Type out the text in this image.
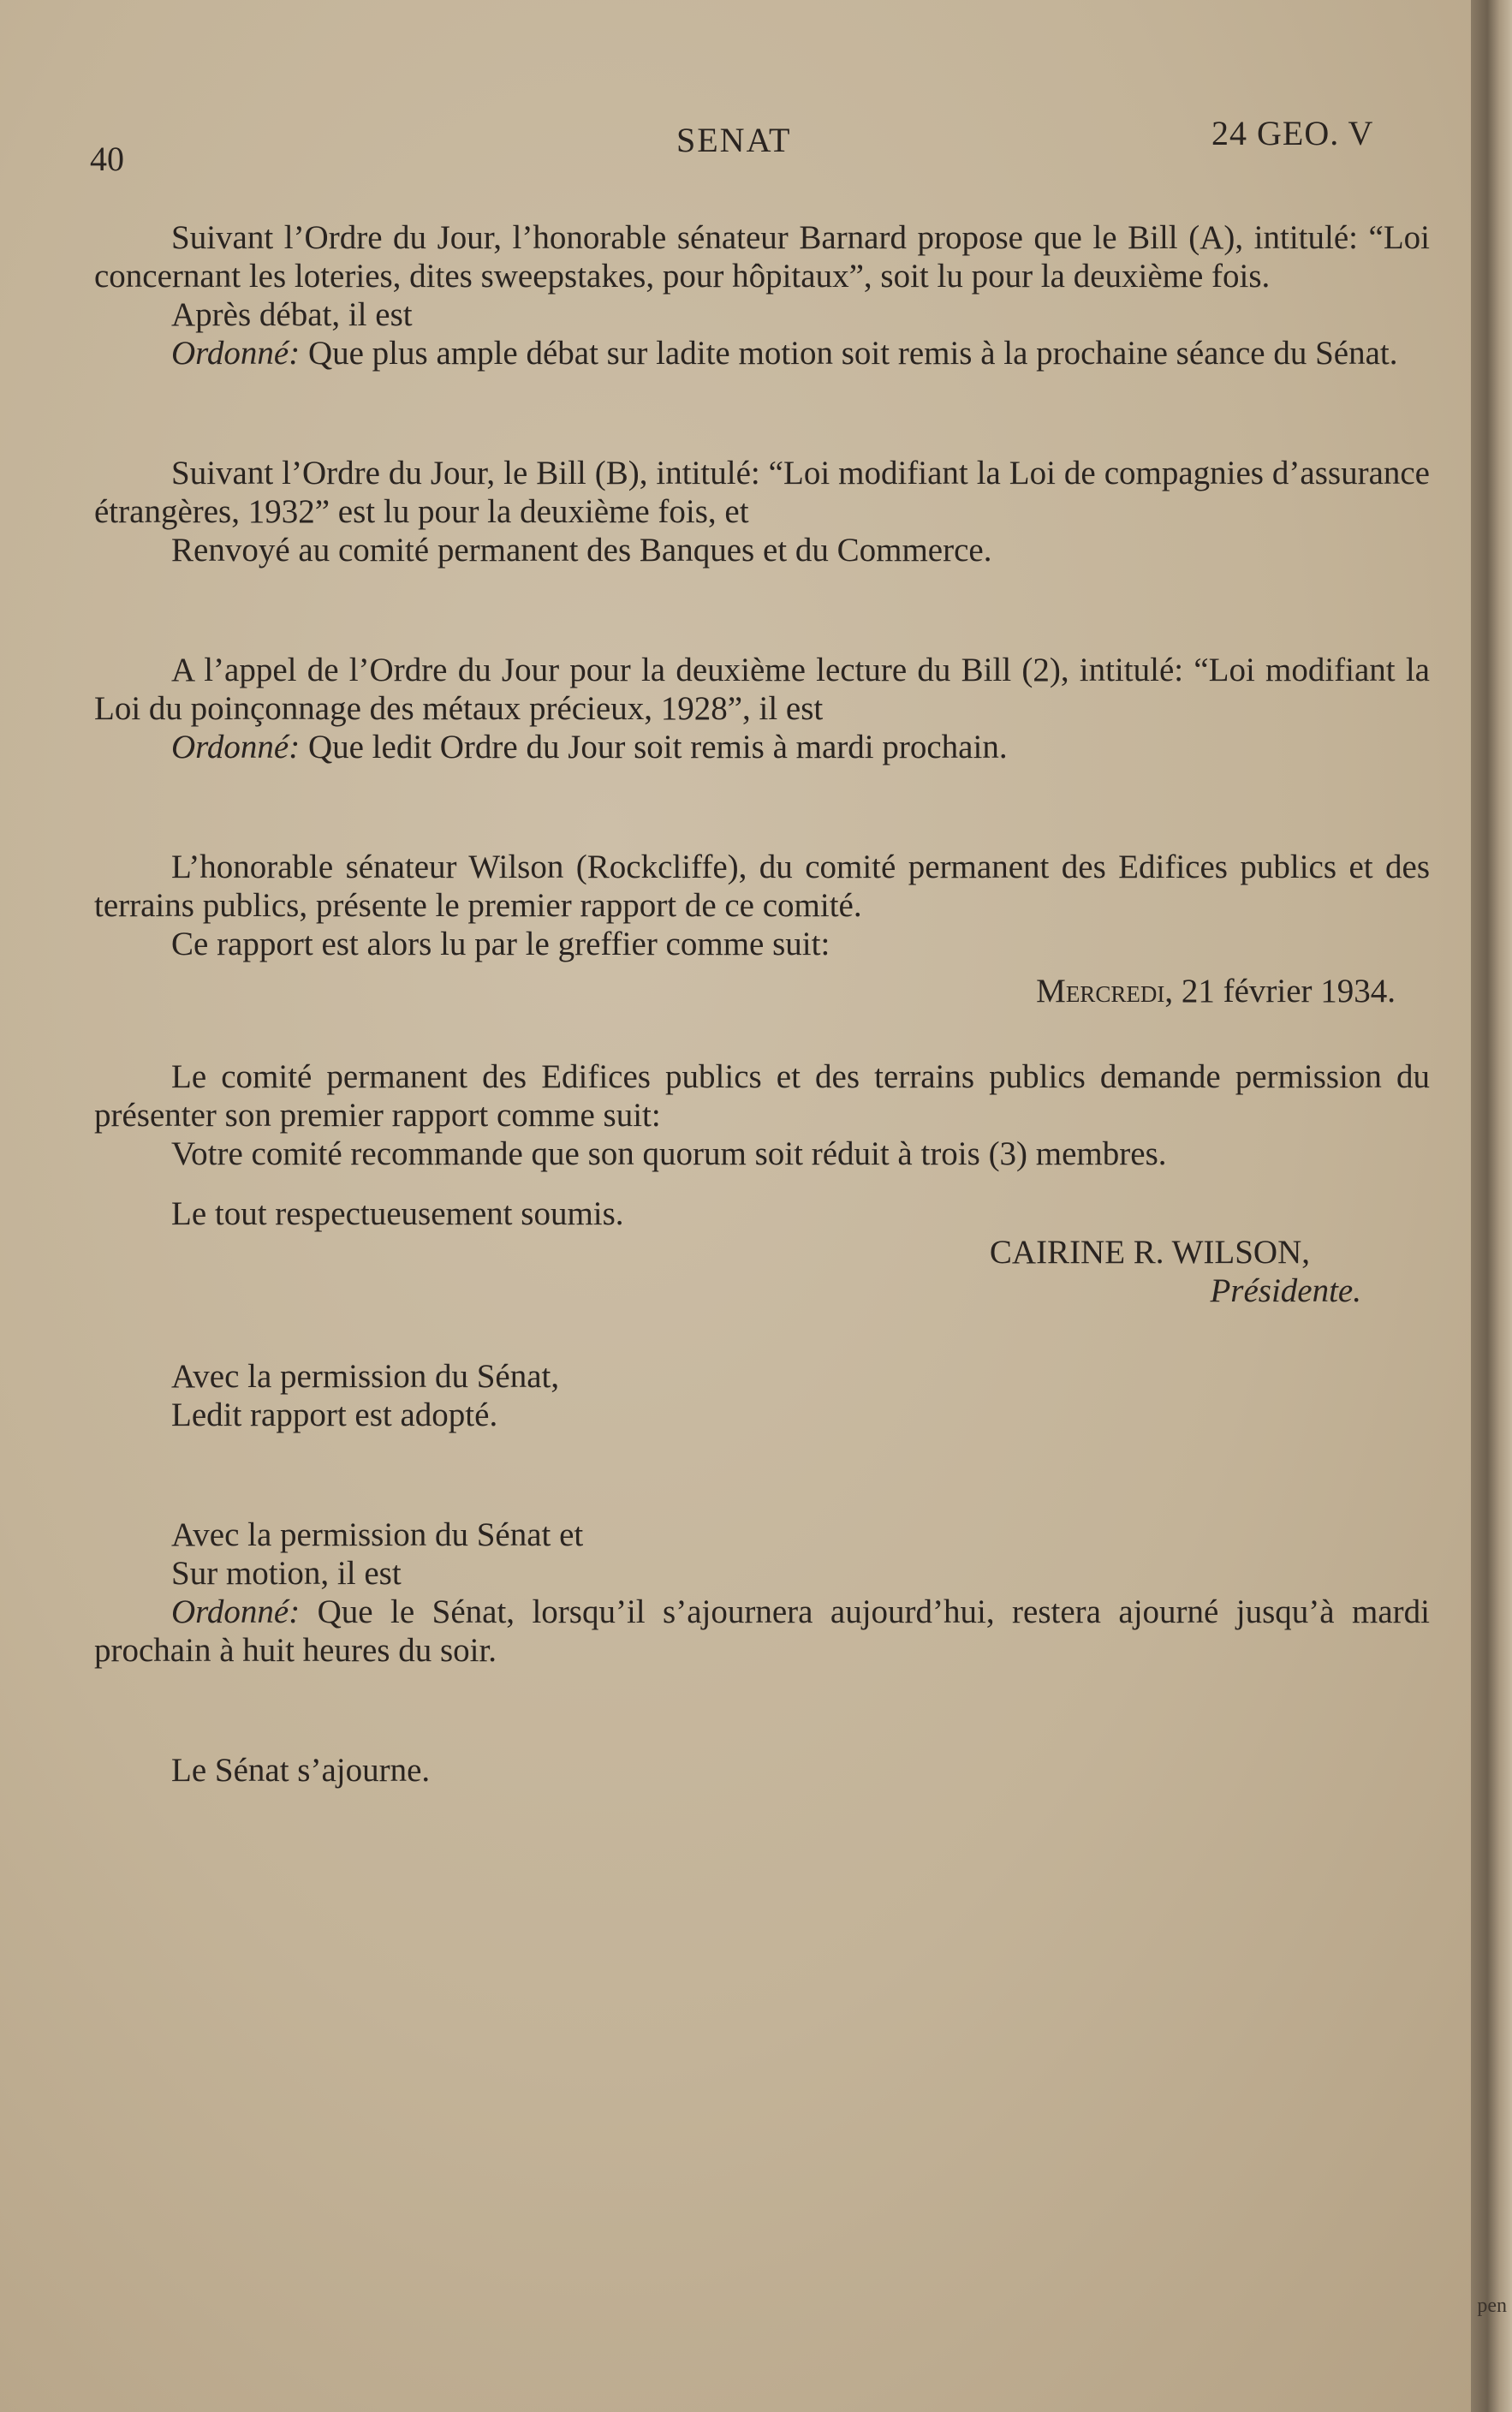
pen
40	SENAT	24 GEO. V

Suivant l’Ordre du Jour, l’honorable sénateur Barnard propose que le Bill (A), intitulé: “Loi concernant les loteries, dites sweepstakes, pour hôpitaux”, soit lu pour la deuxième fois.

Après débat, il est

Ordonné: Que plus ample débat sur ladite motion soit remis à la prochaine séance du Sénat.

Suivant l’Ordre du Jour, le Bill (B), intitulé: “Loi modifiant la Loi de compagnies d’assurance étrangères, 1932” est lu pour la deuxième fois, et

Renvoyé au comité permanent des Banques et du Commerce.

A l’appel de l’Ordre du Jour pour la deuxième lecture du Bill (2), intitulé: “Loi modifiant la Loi du poinçonnage des métaux précieux, 1928”, il est

Ordonné: Que ledit Ordre du Jour soit remis à mardi prochain.

L’honorable sénateur Wilson (Rockcliffe), du comité permanent des Edifices publics et des terrains publics, présente le premier rapport de ce comité.

Ce rapport est alors lu par le greffier comme suit:

Mercredi, 21 février 1934.

Le comité permanent des Edifices publics et des terrains publics demande permission du présenter son premier rapport comme suit:

Votre comité recommande que son quorum soit réduit à trois (3) membres.

Le tout respectueusement soumis.

CAIRINE R. WILSON,

Présidente.

Avec la permission du Sénat,

Ledit rapport est adopté.

Avec la permission du Sénat et

Sur motion, il est

Ordonné: Que le Sénat, lorsqu’il s’ajournera aujourd’hui, restera ajourné jusqu’à mardi prochain à huit heures du soir.

Le Sénat s’ajourne.
